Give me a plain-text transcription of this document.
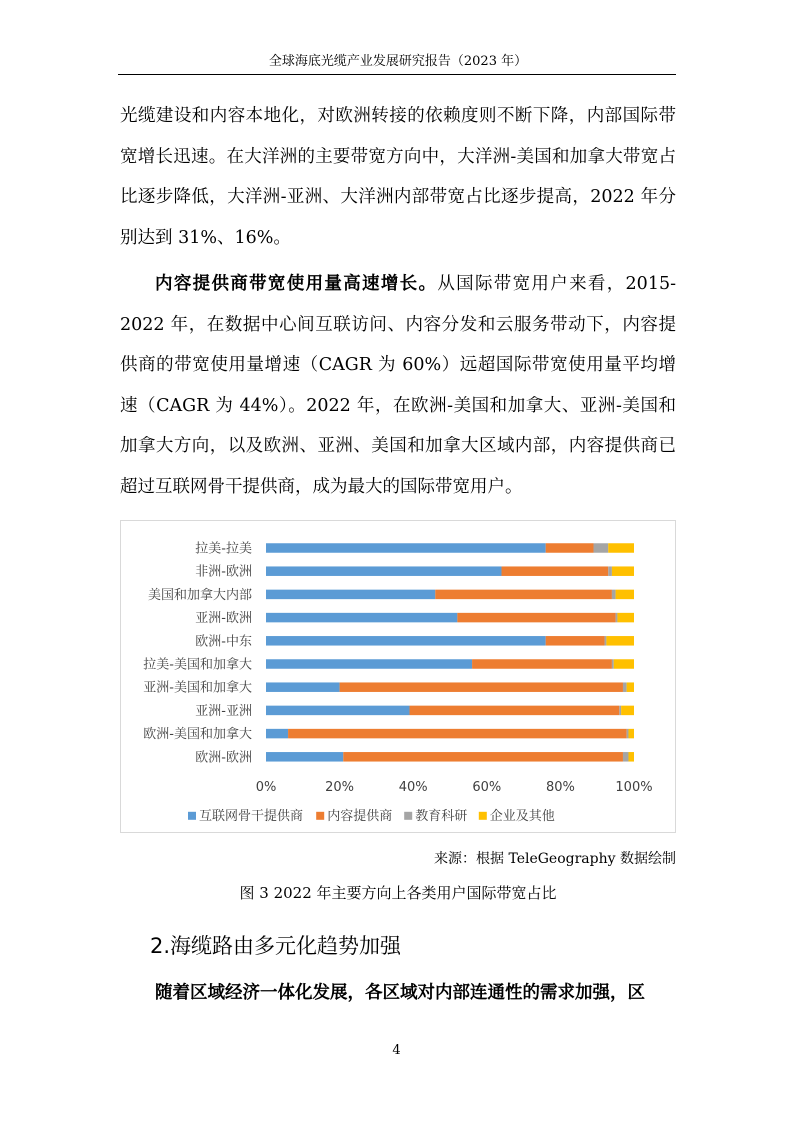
全球海底光缆产业发展研究报告（2023 年）

光缆建设和内容本地化，对欧洲转接的依赖度则不断下降，内部国际带宽增长迅速。在大洋洲的主要带宽方向中，大洋洲-美国和加拿大带宽占比逐步降低，大洋洲-亚洲、大洋洲内部带宽占比逐步提高，2022 年分别达到 31%、16%。

内容提供商带宽使用量高速增长。从国际带宽用户来看，2015-2022 年，在数据中心间互联访问、内容分发和云服务带动下，内容提供商的带宽使用量增速（CAGR 为 60%）远超国际带宽使用量平均增速（CAGR 为 44%）。2022 年，在欧洲-美国和加拿大、亚洲-美国和加拿大方向，以及欧洲、亚洲、美国和加拿大区域内部，内容提供商已超过互联网骨干提供商，成为最大的国际带宽用户。

拉美-拉美
非洲-欧洲
美国和加拿大内部
亚洲-欧洲
欧洲-中东
拉美-美国和加拿大
亚洲-美国和加拿大
亚洲-亚洲
欧洲-美国和加拿大
欧洲-欧洲
0%	20%	40%	60%	80%	100%
互联网骨干提供商 内容提供商 教育科研 企业及其他
来源：根据 TeleGeography 数据绘制
图 3 2022 年主要方向上各类用户国际带宽占比
2.海缆路由多元化趋势加强

随着区域经济一体化发展，各区域对内部连通性的需求加强，区

4
